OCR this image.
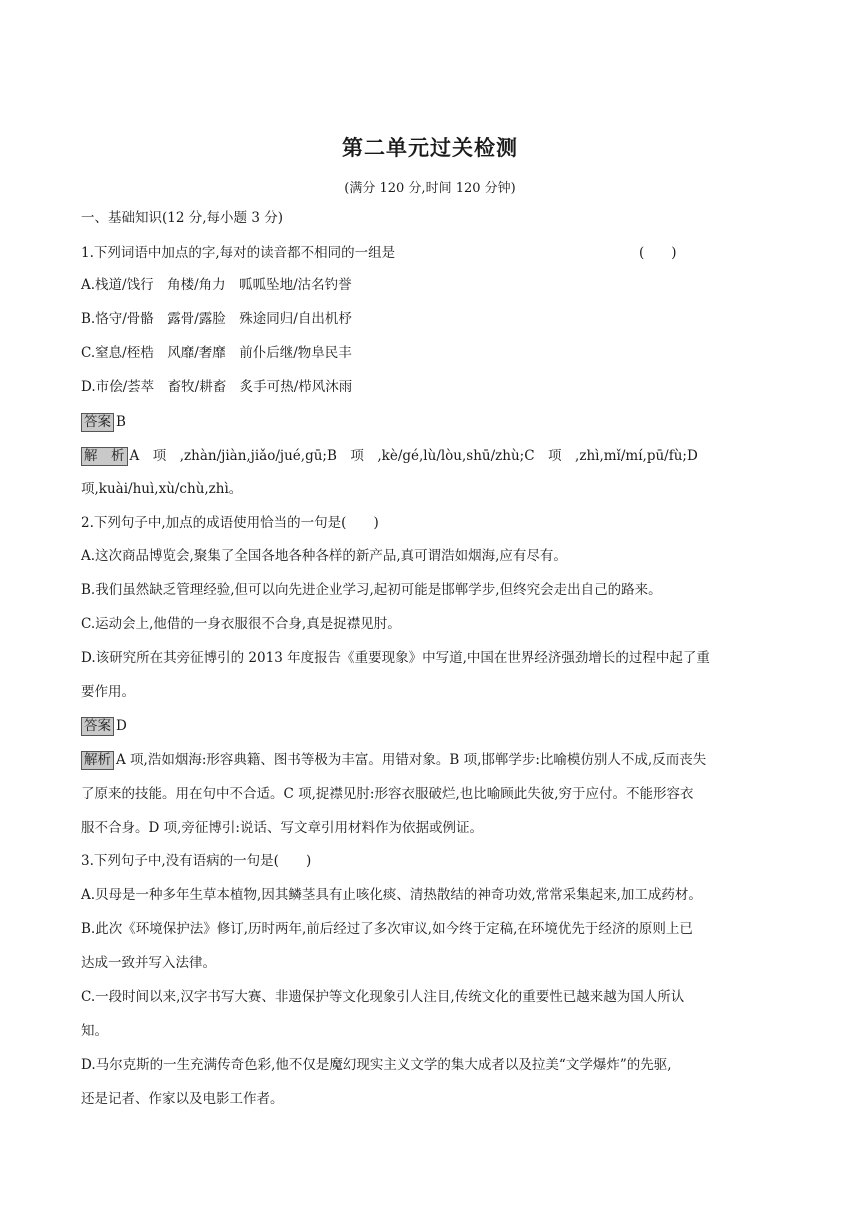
第二单元过关检测
(满分 120 分,时间 120 分钟)
一、基础知识(12 分,每小题 3 分)
1.下列词语中加点的字,每对的读音都不相同的一组是	(　　)
A.栈道/饯行　角楼/角力　呱呱坠地/沽名钓誉
B.恪守/骨骼　露骨/露脸　殊途同归/自出机杼
C.窒息/桎梏　风靡/奢靡　前仆后继/物阜民丰
D.市侩/荟萃　畜牧/耕畜　炙手可热/栉风沐雨
答案 B
解　析 A　项　,zhàn/jiàn,jiǎo/jué,gū;B　项　,kè/gé,lù/lòu,shū/zhù;C　项　,zhì,mǐ/mí,pū/fù;D
项,kuài/huì,xù/chù,zhì。
2.下列句子中,加点的成语使用恰当的一句是(　　)
A.这次商品博览会,聚集了全国各地各种各样的新产品,真可谓浩如烟海,应有尽有。
B.我们虽然缺乏管理经验,但可以向先进企业学习,起初可能是邯郸学步,但终究会走出自己的路来。
C.运动会上,他借的一身衣服很不合身,真是捉襟见肘。
D.该研究所在其旁征博引的 2013 年度报告《重要现象》中写道,中国在世界经济强劲增长的过程中起了重
要作用。
答案 D
解析 A 项,浩如烟海:形容典籍、图书等极为丰富。用错对象。B 项,邯郸学步:比喻模仿别人不成,反而丧失
了原来的技能。用在句中不合适。C 项,捉襟见肘:形容衣服破烂,也比喻顾此失彼,穷于应付。不能形容衣
服不合身。D 项,旁征博引:说话、写文章引用材料作为依据或例证。
3.下列句子中,没有语病的一句是(　　)
A.贝母是一种多年生草本植物,因其鳞茎具有止咳化痰、清热散结的神奇功效,常常采集起来,加工成药材。
B.此次《环境保护法》修订,历时两年,前后经过了多次审议,如今终于定稿,在环境优先于经济的原则上已
达成一致并写入法律。
C.一段时间以来,汉字书写大赛、非遗保护等文化现象引人注目,传统文化的重要性已越来越为国人所认
知。
D.马尔克斯的一生充满传奇色彩,他不仅是魔幻现实主义文学的集大成者以及拉美“文学爆炸”的先驱,
还是记者、作家以及电影工作者。
